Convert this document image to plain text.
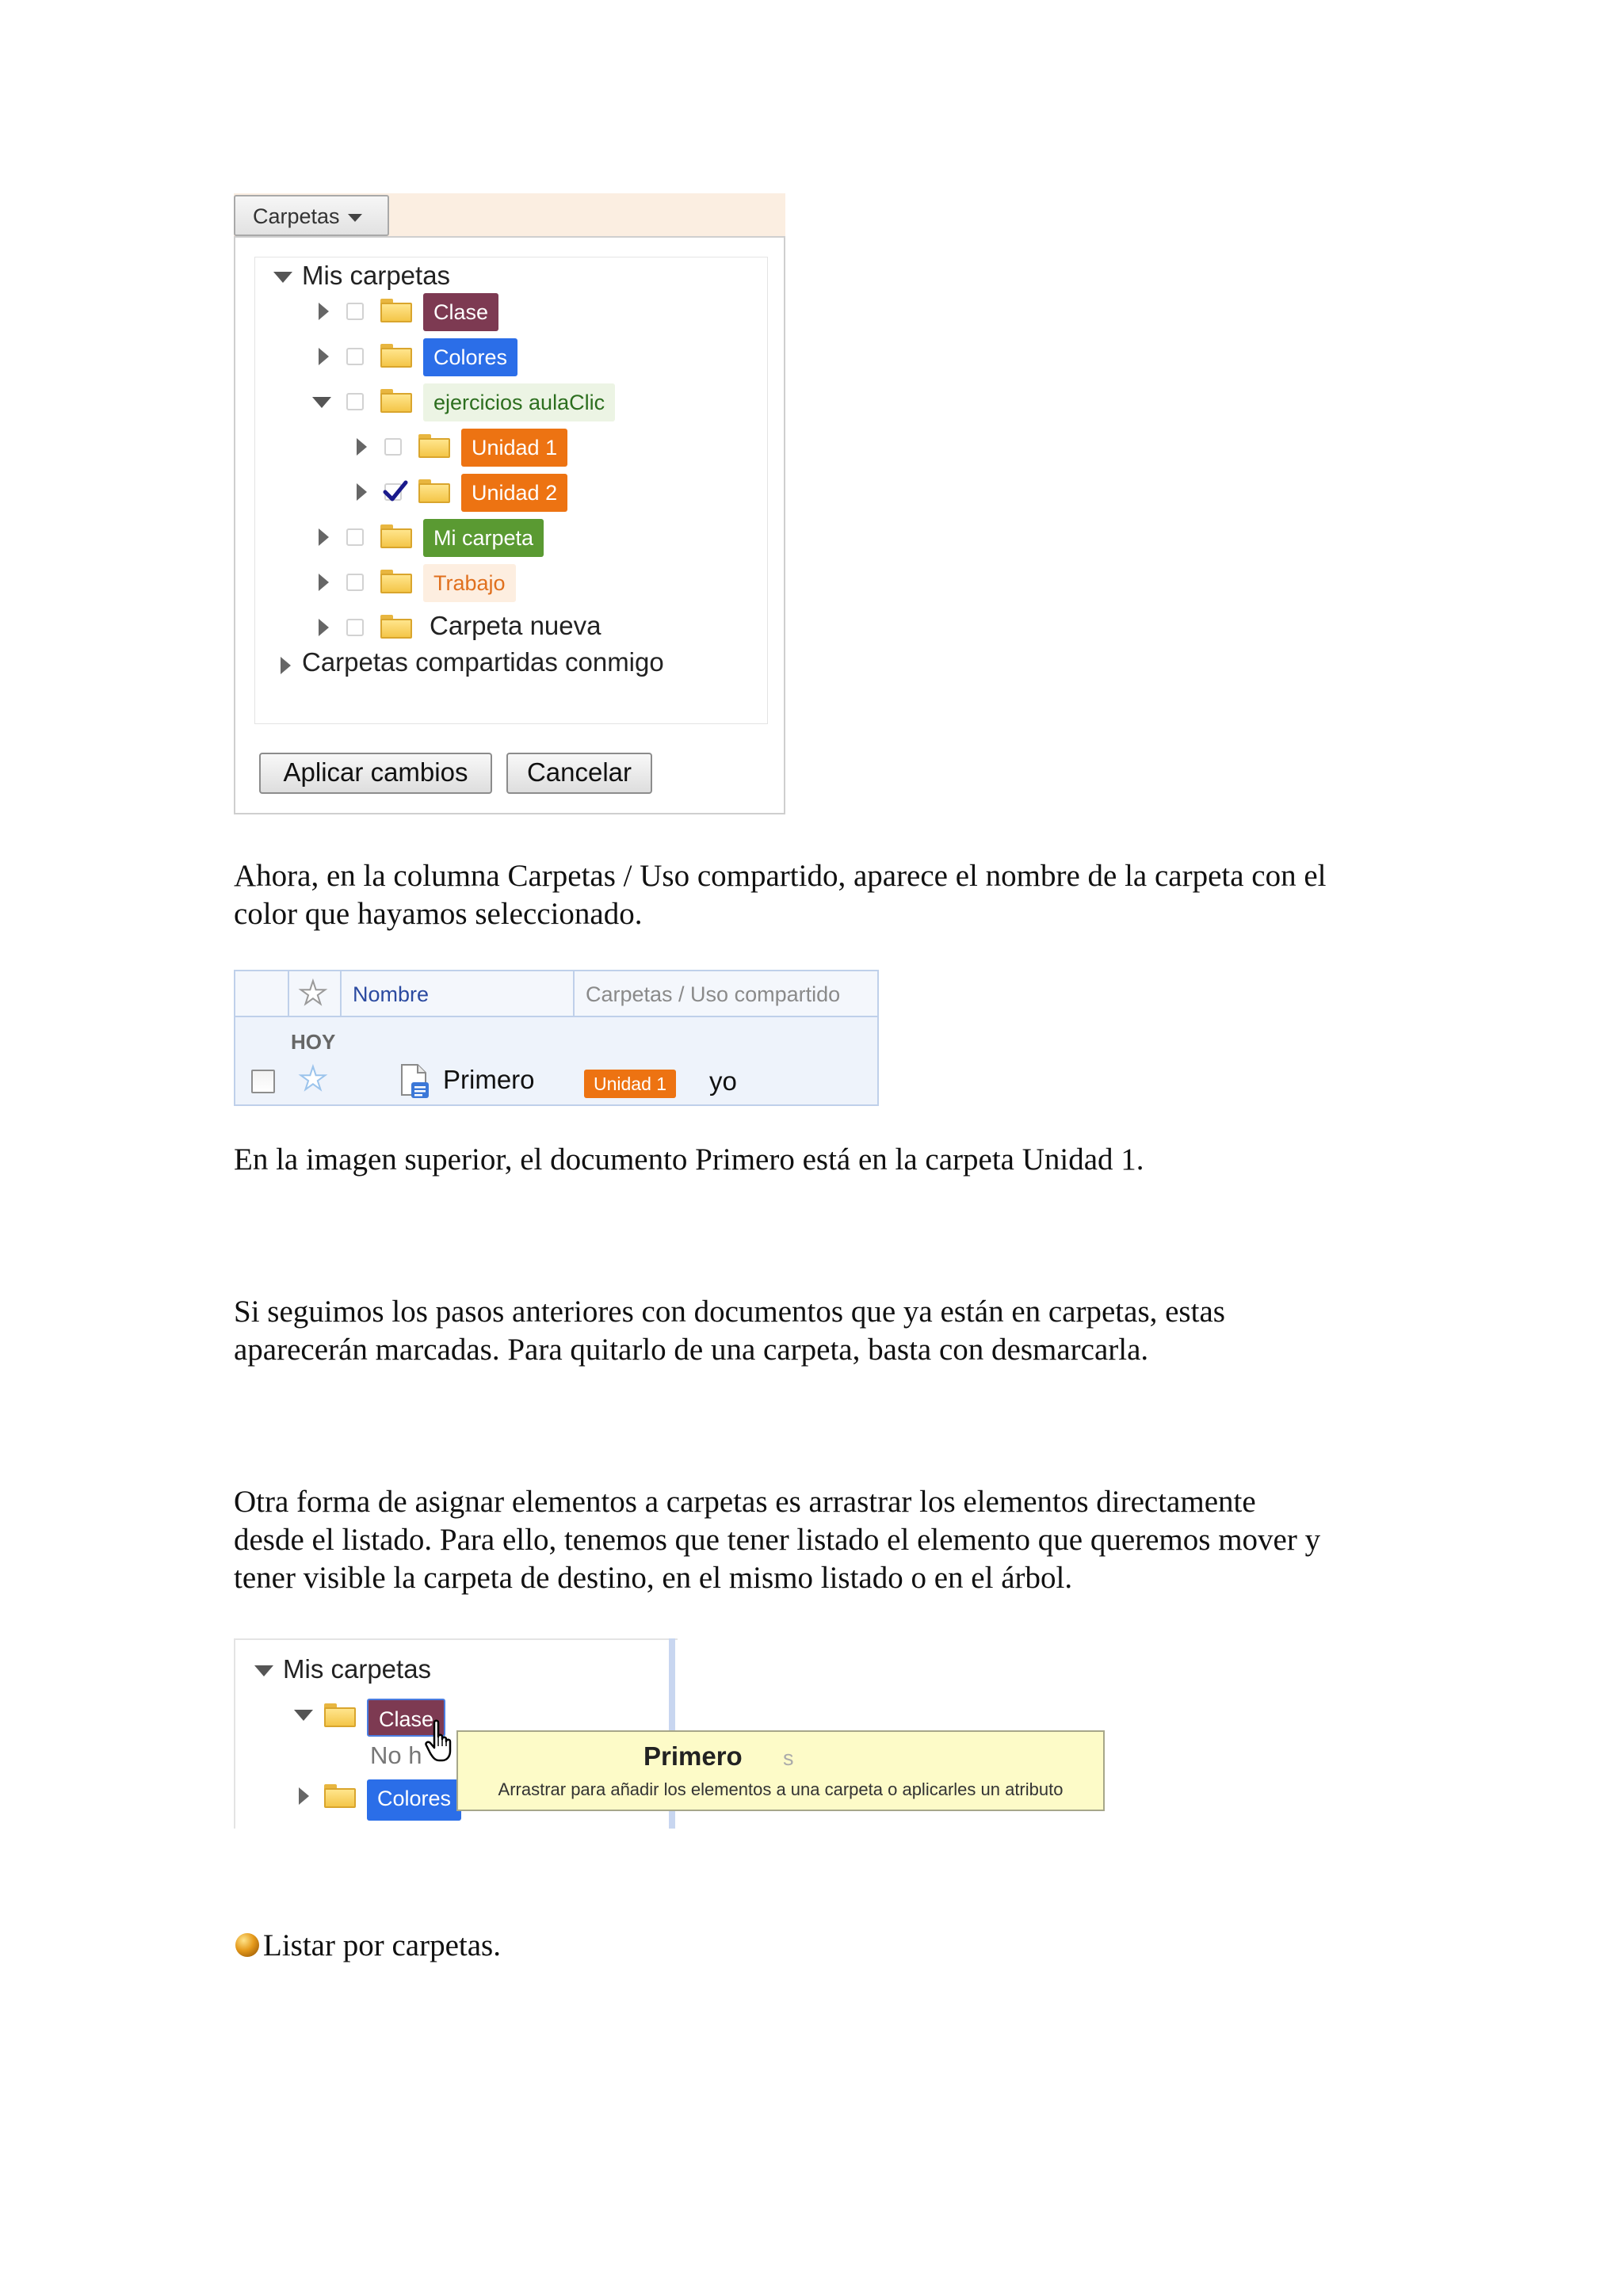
Carpetas
Mis carpetas
Clase
Colores
ejercicios aulaClic
Unidad 1
Unidad 2
Mi carpeta
Trabajo
Carpeta nueva
Carpetas compartidas conmigo
Aplicar cambios	Cancelar
Ahora, en la columna Carpetas / Uso compartido, aparece el nombre de la carpeta con el
color que hayamos seleccionado.
★ Nombre	Carpetas / Uso compartido
HOY
★	Primero	Unidad 1	yo
En la imagen superior, el documento Primero está en la carpeta Unidad 1.
Si seguimos los pasos anteriores con documentos que ya están en carpetas, estas
aparecerán marcadas. Para quitarlo de una carpeta, basta con desmarcarla.
Otra forma de asignar elementos a carpetas es arrastrar los elementos directamente
desde el listado. Para ello, tenemos que tener listado el elemento que queremos mover y
tener visible la carpeta de destino, en el mismo listado o en el árbol.
Mis carpetas
Clase
No h
Colores
Primero s
Arrastrar para añadir los elementos a una carpeta o aplicarles un atributo
Listar por carpetas.
